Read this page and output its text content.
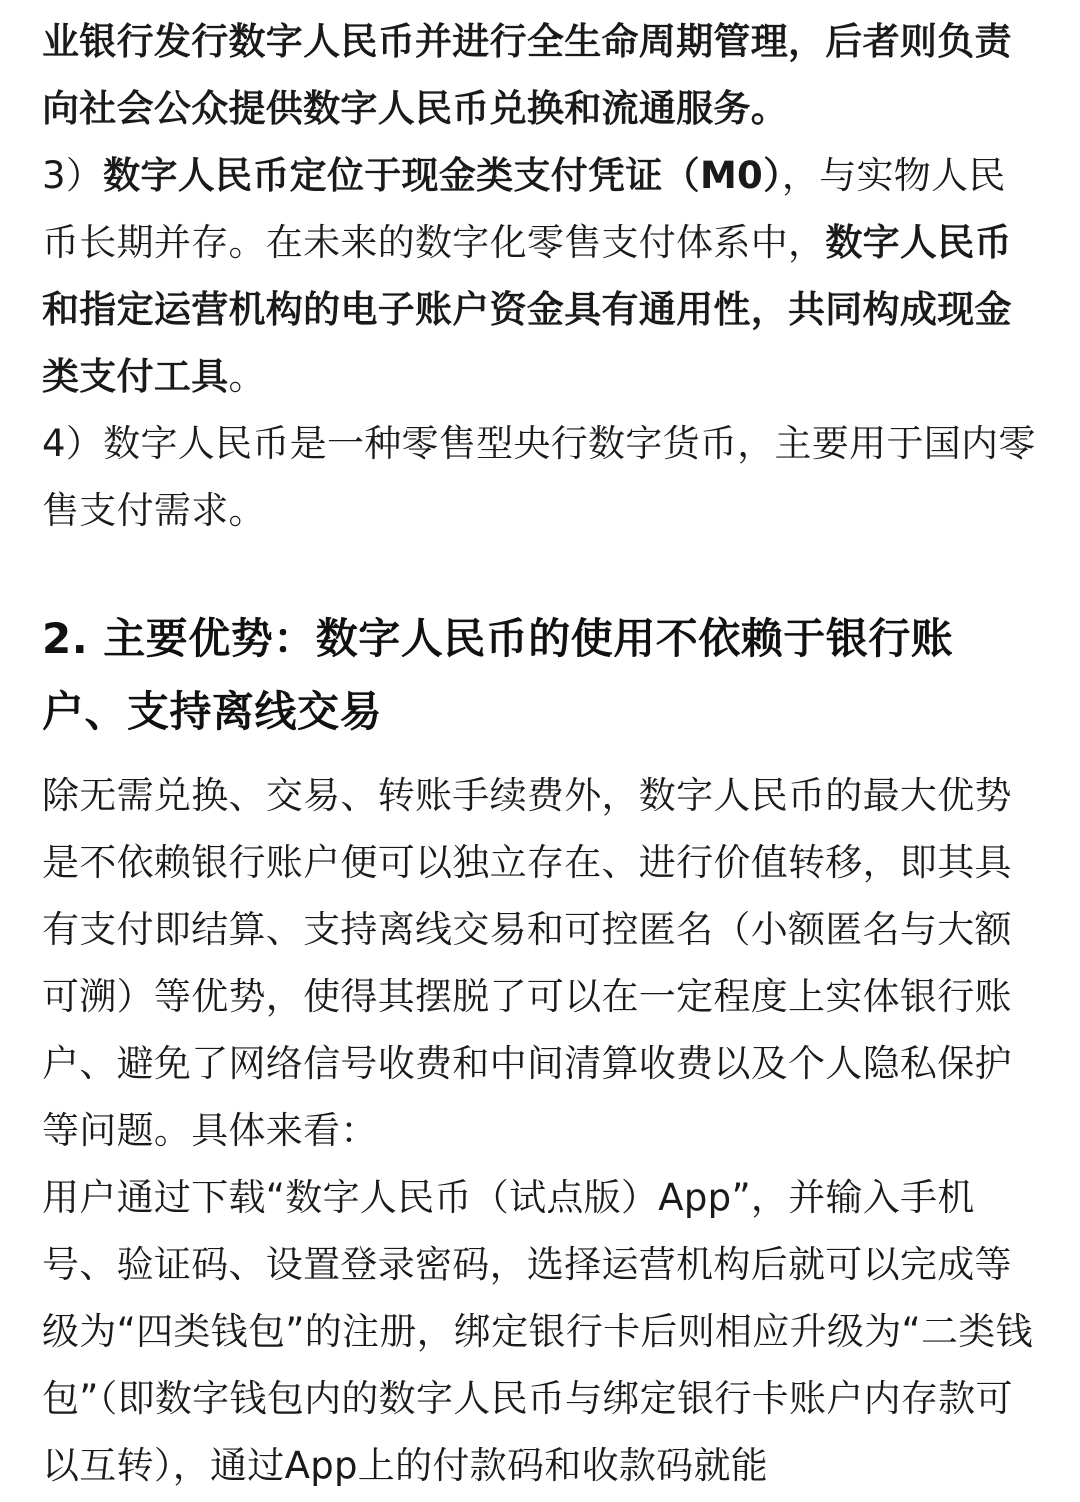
业银行发行数字人民币并进行全生命周期管理，后者则负责向社会公众提供数字人民币兑换和流通服务。

3）数字人民币定位于现金类支付凭证（M0），与实物人民币长期并存。在未来的数字化零售支付体系中，数字人民币和指定运营机构的电子账户资金具有通用性，共同构成现金类支付工具。

4）数字人民币是一种零售型央行数字货币，主要用于国内零售支付需求。

2. 主要优势：数字人民币的使用不依赖于银行账户、支持离线交易

除无需兑换、交易、转账手续费外，数字人民币的最大优势是不依赖银行账户便可以独立存在、进行价值转移，即其具有支付即结算、支持离线交易和可控匿名（小额匿名与大额可溯）等优势，使得其摆脱了可以在一定程度上实体银行账户、避免了网络信号收费和中间清算收费以及个人隐私保护等问题。具体来看：

用户通过下载“数字人民币（试点版）App”，并输入手机号、验证码、设置登录密码，选择运营机构后就可以完成等级为“四类钱包”的注册，绑定银行卡后则相应升级为“二类钱包”（即数字钱包内的数字人民币与绑定银行卡账户内存款可以互转），通过App上的付款码和收款码就能
